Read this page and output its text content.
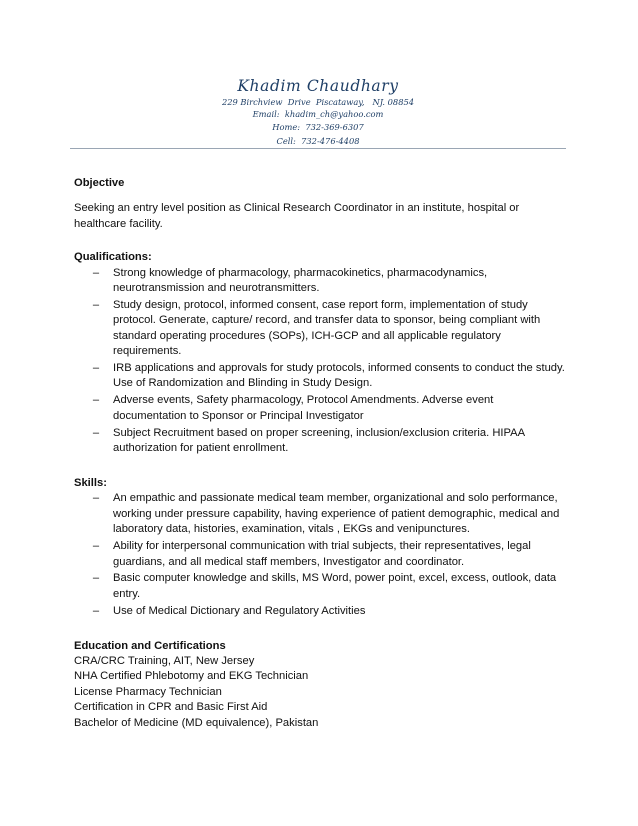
Khadim Chaudhary
229 Birchview  Drive  Piscataway,   NJ. 08854
Email:  khadim_ch@yahoo.com
Home:  732-369-6307
Cell:  732-476-4408
Objective

Seeking an entry level position as Clinical Research Coordinator in an institute, hospital or healthcare facility.

Qualifications:
– Strong knowledge of pharmacology, pharmacokinetics, pharmacodynamics, neurotransmission and neurotransmitters.
– Study design, protocol, informed consent, case report form, implementation of study protocol. Generate, capture/ record, and transfer data to sponsor, being compliant with standard operating procedures (SOPs), ICH-GCP and all applicable regulatory requirements.
– IRB applications and approvals for study protocols, informed consents to conduct the study. Use of Randomization and Blinding in Study Design.
– Adverse events, Safety pharmacology, Protocol Amendments. Adverse event documentation to Sponsor or Principal Investigator
– Subject Recruitment based on proper screening, inclusion/exclusion criteria. HIPAA authorization for patient enrollment.
Skills:
– An empathic and passionate medical team member, organizational and solo performance, working under pressure capability, having experience of patient demographic, medical and laboratory data, histories, examination, vitals , EKGs and venipunctures.
– Ability for interpersonal communication with trial subjects, their representatives, legal guardians, and all medical staff members, Investigator and coordinator.
– Basic computer knowledge and skills, MS Word, power point, excel, excess, outlook, data entry.
– Use of Medical Dictionary and Regulatory Activities
Education and Certifications
CRA/CRC Training, AIT, New Jersey
NHA Certified Phlebotomy and EKG Technician
License Pharmacy Technician
Certification in CPR and Basic First Aid
Bachelor of Medicine (MD equivalence), Pakistan
